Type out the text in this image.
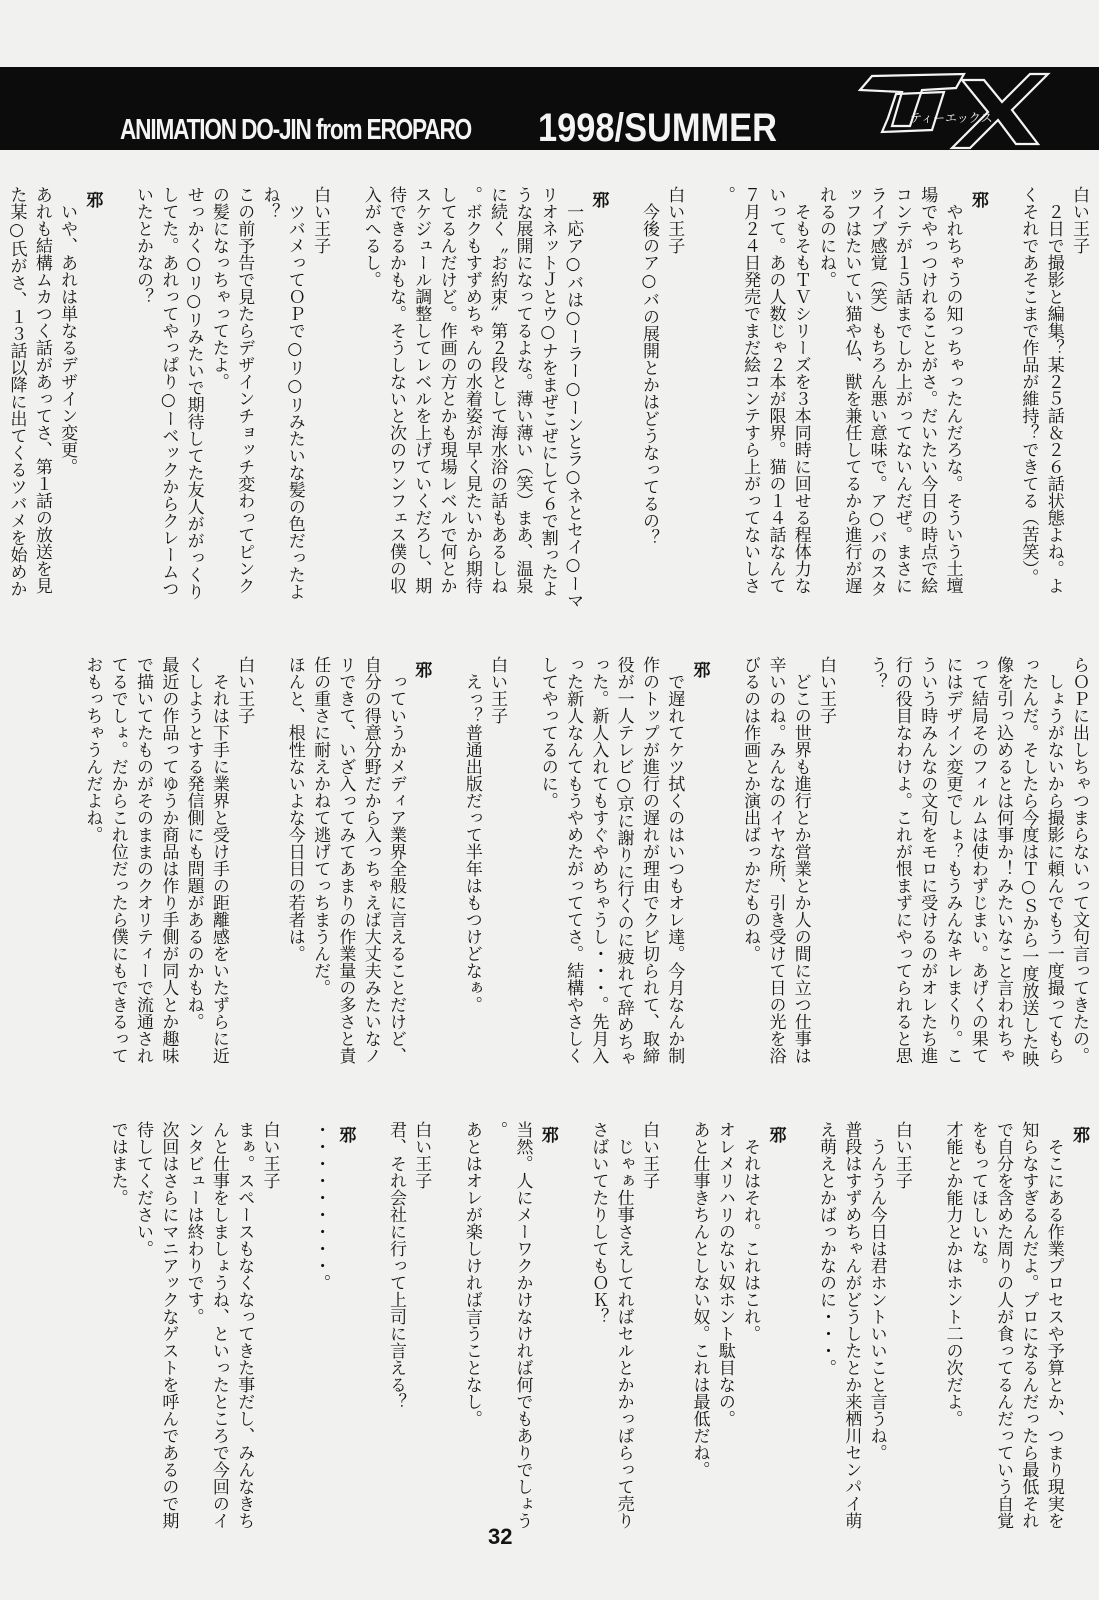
ANIMATION DO-JIN from EROPARO 1998/SUMMER	ティーエックス
白い王子
　２日で撮影と編集？某２５話＆２６話状態よね。よ
くそれであそこまで作品が維持？できてる（苦笑）。
邪
　やれちゃうの知っちゃったんだろな。そういう土壇
場でやっつけれることがさ。だいたい今日の時点で絵
コンテが１５話までしか上がってないんだぜ。まさに
ライブ感覚（笑）もちろん悪い意味で。ア○バのスタ
ッフはたいてい猫や仏、獣を兼任してるから進行が遅
れるのにね。
　そもそもＴＶシリーズを３本同時に回せる程体力な
いって。あの人数じゃ２本が限界。猫の１４話なんて
７月２４日発売でまだ絵コンテすら上がってないしさ
。
白い王子
　今後のア○バの展開とかはどうなってるの？
邪
　一応ア○バは○ーラー○ーンとラ○ネとセイ○ーマ
リオネットＪとウ○ナをまぜこぜにして６で割ったよ
うな展開になってるよな。薄い薄い（笑）まあ、温泉
に続く〝お約束〟第２段として海水浴の話もあるしね
。ボクもすずめちゃんの水着姿が早く見たいから期待
してるんだけど。作画の方とかも現場レベルで何とか
スケジュール調整してレベルを上げていくだろし、期
待できるかもな。そうしないと次のワンフェス僕の収
入がへるし。
白い王子
　ツバメってＯＰで○リ○リみたいな髪の色だったよ
ね？
この前予告で見たらデザインチョッチ変わってピンク
の髪になっちゃってたよ。
せっかく○リ○リみたいで期待してた友人ががっくり
してた。あれってやっぱり○ーベックからクレームつ
いたとかなの？
邪
　いや、あれは単なるデザイン変更。
あれも結構ムカつく話があってさ、第１話の放送を見
た某○氏がさ、１３話以降に出てくるツバメを始めか
らＯＰに出しちゃつまらないって文句言ってきたの。
　しょうがないから撮影に頼んでもう一度撮ってもら
ったんだ。そしたら今度はＴ○Ｓから一度放送した映
像を引っ込めるとは何事か！みたいなこと言われちゃ
って結局そのフィルムは使わずじまい。あげくの果て
にはデザイン変更でしょ？もうみんなキレまくり。こ
ういう時みんなの文句をモロに受けるのがオレたち進
行の役目なわけよ。これが恨まずにやってられると思
う？
白い王子
　どこの世界も進行とか営業とか人の間に立つ仕事は
辛いのね。みんなのイヤな所、引き受けて日の光を浴
びるのは作画とか演出ばっかだものね。
邪
　で遅れてケツ拭くのはいつもオレ達。今月なんか制
作のトップが進行の遅れが理由でクビ切られて、取締
役が一人テレビ○京に謝りに行くのに疲れて辞めちゃ
った。新人入れてもすぐやめちゃうし・・・。先月入
った新人なんてもうやめたがっててさ。結構やさしく
してやってるのに。
白い王子
　えっ？普通出版だって半年はもつけどなぁ。
邪
　っていうかメディア業界全般に言えることだけど、
自分の得意分野だから入っちゃえば大丈夫みたいなノ
リできて、いざ入ってみてあまりの作業量の多さと責
任の重さに耐えかねて逃げてっちまうんだ。
ほんと、根性ないよな今日日の若者は。
白い王子
　それは下手に業界と受け手の距離感をいたずらに近
くしようとする発信側にも問題があるのかもね。
最近の作品ってゆうか商品は作り手側が同人とか趣味
で描いてたものがそのままのクオリティーで流通され
てるでしょ。だからこれ位だったら僕にもできるって
おもっちゃうんだよね。
邪
　そこにある作業プロセスや予算とか、つまり現実を
知らなすぎるんだよ。プロになるんだったら最低それ
で自分を含めた周りの人が食ってるんだっていう自覚
をもってほしいな。
才能とか能力とかはホント二の次だよ。
白い王子
　うんうん今日は君ホントいいこと言うね。
普段はすずめちゃんがどうしたとか来栖川センパイ萌
え萌えとかばっかなのに・・・。
邪
　それはそれ。これはこれ。
オレメリハリのない奴ホント駄目なの。
あと仕事きちんとしない奴。これは最低だね。
白い王子
　じゃぁ仕事さえしてればセルとかかっぱらって売り
さばいてたりしてもＯＫ？
邪
当然。人にメーワクかけなければ何でもありでしょう
。
あとはオレが楽しければ言うことなし。
白い王子
君、それ会社に行って上司に言える？
邪
・・・・・・・・・。
白い王子
まぁ。スペースもなくなってきた事だし、みんなきち
んと仕事をしましょうね、といったところで今回のイ
ンタビューは終わりです。
次回はさらにマニアックなゲストを呼んであるので期
待してください。
ではまた。
32
